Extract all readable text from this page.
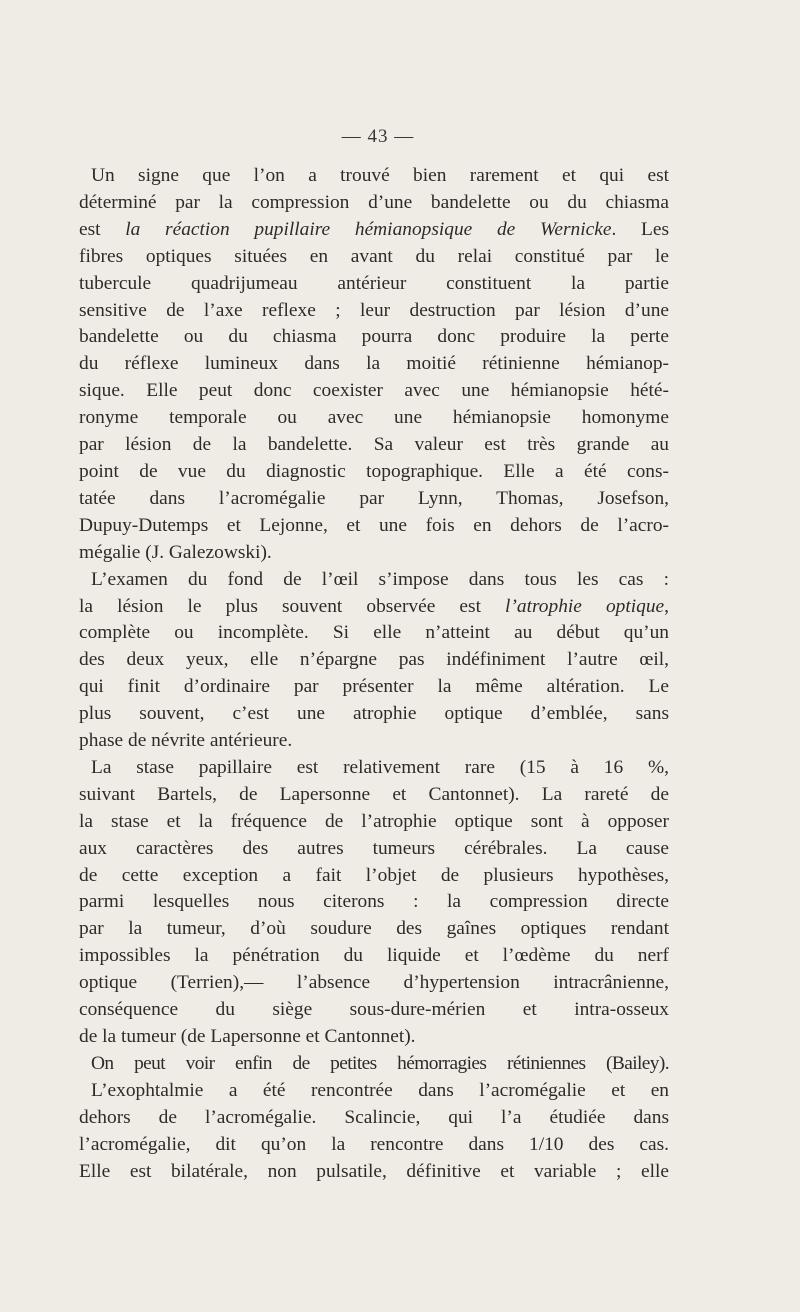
— 43 —

Un signe que l’on a trouvé bien rarement et qui est
déterminé par la compression d’une bandelette ou du chiasma
est la réaction pupillaire hémianopsique de Wernicke. Les
fibres optiques situées en avant du relai constitué par le
tubercule quadrijumeau antérieur constituent la partie
sensitive de l’axe reflexe ; leur destruction par lésion d’une
bandelette ou du chiasma pourra donc produire la perte
du réflexe lumineux dans la moitié rétinienne hémianop-
sique. Elle peut donc coexister avec une hémianopsie hété-
ronyme temporale ou avec une hémianopsie homonyme
par lésion de la bandelette. Sa valeur est très grande au
point de vue du diagnostic topographique. Elle a été cons-
tatée dans l’acromégalie par Lynn, Thomas, Josefson,
Dupuy-Dutemps et Lejonne, et une fois en dehors de l’acro-
mégalie (J. Galezowski).

L’examen du fond de l’œil s’impose dans tous les cas :
la lésion le plus souvent observée est l’atrophie optique,
complète ou incomplète. Si elle n’atteint au début qu’un
des deux yeux, elle n’épargne pas indéfiniment l’autre œil,
qui finit d’ordinaire par présenter la même altération. Le
plus souvent, c’est une atrophie optique d’emblée, sans
phase de névrite antérieure.

La stase papillaire est relativement rare (15 à 16 %,
suivant Bartels, de Lapersonne et Cantonnet). La rareté de
la stase et la fréquence de l’atrophie optique sont à opposer
aux caractères des autres tumeurs cérébrales. La cause
de cette exception a fait l’objet de plusieurs hypothèses,
parmi lesquelles nous citerons : la compression directe
par la tumeur, d’où soudure des gaînes optiques rendant
impossibles la pénétration du liquide et l’œdème du nerf
optique (Terrien),— l’absence d’hypertension intracrânienne,
conséquence du siège sous-dure-mérien et intra-osseux
de la tumeur (de Lapersonne et Cantonnet).

On peut voir enfin de petites hémorragies rétiniennes (Bailey).

L’exophtalmie a été rencontrée dans l’acromégalie et en
dehors de l’acromégalie. Scalincie, qui l’a étudiée dans
l’acromégalie, dit qu’on la rencontre dans 1/10 des cas.
Elle est bilatérale, non pulsatile, définitive et variable ; elle
